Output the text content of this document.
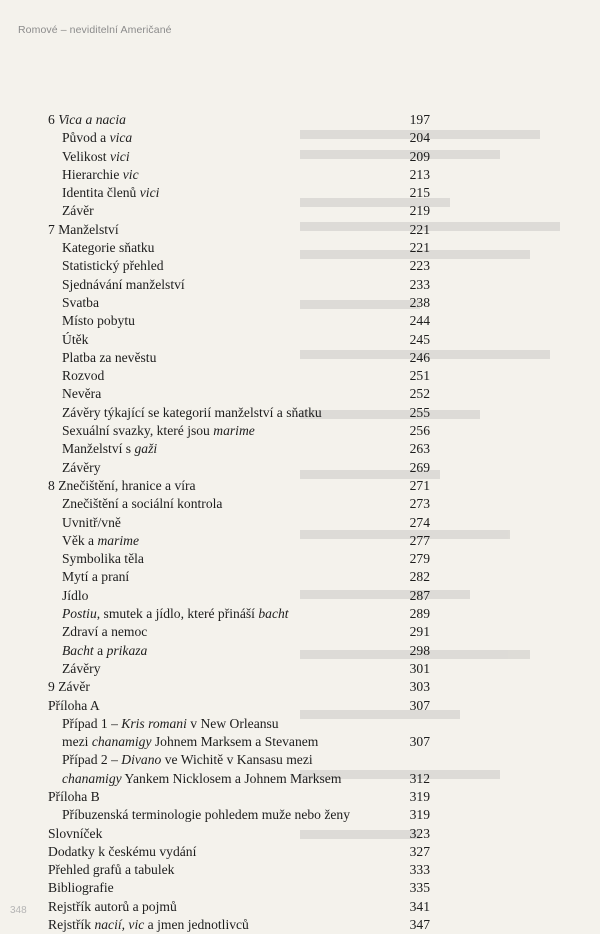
Romové – neviditelní Američané
6 Vica a nacia	197
Původ a vica	204
Velikost vici	209
Hierarchie vic	213
Identita členů vici	215
Závěr	219
7 Manželství	221
Kategorie sňatku	221
Statistický přehled	223
Sjednávání manželství	233
Svatba	238
Místo pobytu	244
Útěk	245
Platba za nevěstu	246
Rozvod	251
Nevěra	252
Závěry týkající se kategorií manželství a sňatku	255
Sexuální svazky, které jsou marime	256
Manželství s gaži	263
Závěry	269
8 Znečištění, hranice a víra	271
Znečištění a sociální kontrola	273
Uvnitř/vně	274
Věk a marime	277
Symbolika těla	279
Mytí a praní	282
Jídlo	287
Postiu, smutek a jídlo, které přináší bacht	289
Zdraví a nemoc	291
Bacht a prikaza	298
Závěry	301
9 Závěr	303
Příloha A	307
Případ 1 – Kris romani v New Orleansu
mezi chanamigy Johnem Marksem a Stevanem	307
Případ 2 – Divano ve Wichitě v Kansasu mezi
chanamigy Yankem Nicklosem a Johnem Marksem	312
Příloha B	319
Příbuzenská terminologie pohledem muže nebo ženy	319
Slovníček	323
Dodatky k českému vydání	327
Přehled grafů a tabulek	333
Bibliografie	335
Rejstřík autorů a pojmů	341
Rejstřík nacií, vic a jmen jednotlivců	347
348
